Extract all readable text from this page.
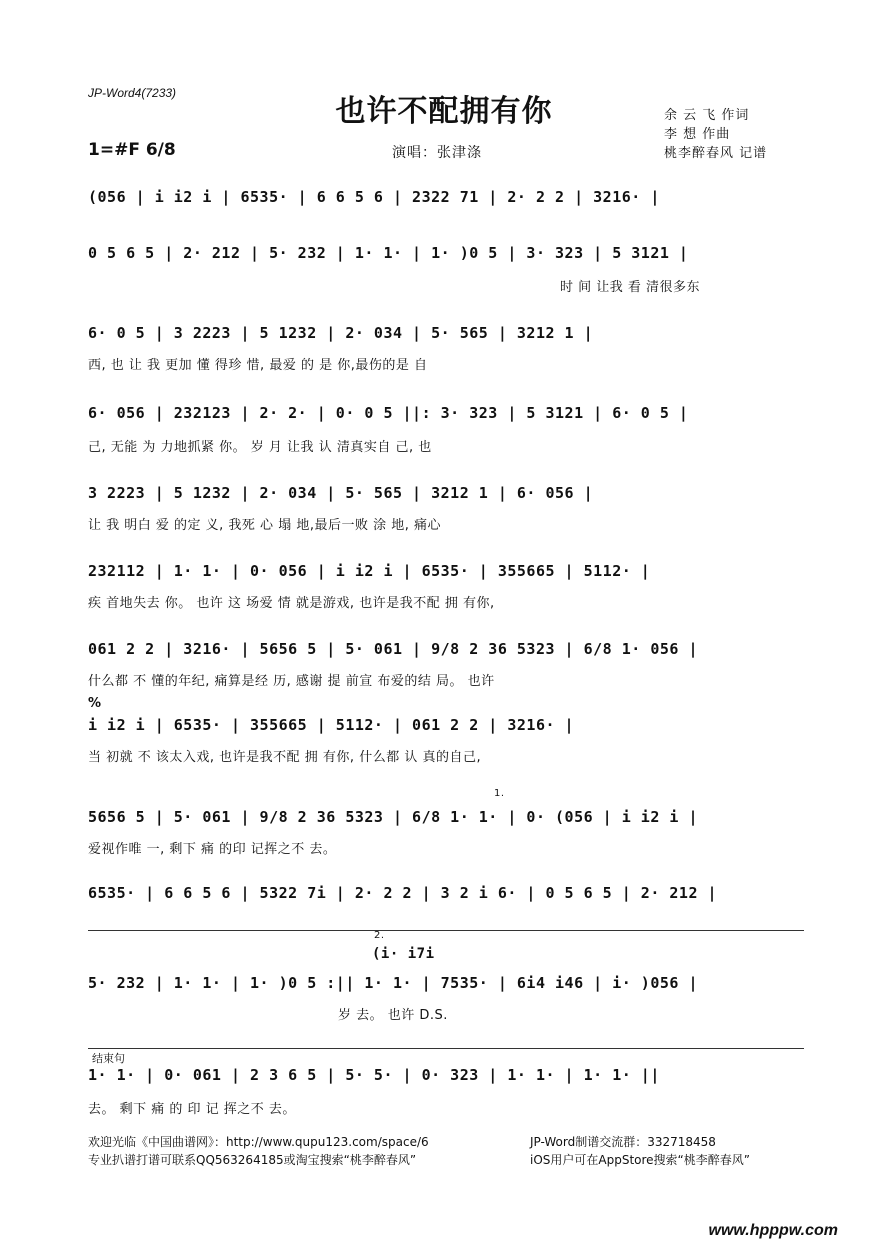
JP-Word4(7233)
也许不配拥有你
1=#F 6/8	演唱：张津涤
余 云 飞 作词
李 想 作曲
桃李醉春风 记谱
(056 | i i2 i | 6535· | 6 6 5 6 | 2322 71 | 2· 2 2 | 3216· |
0 5 6 5 | 2· 212 | 5· 232 | 1· 1· | 1· )0 5 | 3· 323 | 5 3121 |
时 间 让我 看 清很多东
6· 0 5 | 3 2223 | 5 1232 | 2· 034 | 5· 565 | 3212 1 |
西, 也 让 我 更加 懂 得珍 惜, 最爱 的 是 你,最伤的是 自
6· 056 | 232123 | 2· 2· | 0· 0 5 ||: 3· 323 | 5 3121 | 6· 0 5 |
己, 无能 为 力地抓紧 你。 岁 月 让我 认 清真实自 己, 也
3 2223 | 5 1232 | 2· 034 | 5· 565 | 3212 1 | 6· 056 |
让 我 明白 爱 的定 义, 我死 心 塌 地,最后一败 涂 地, 痛心
232112 | 1· 1· | 0· 056 | i i2 i | 6535· | 355665 | 5112· |
疾 首地失去 你。 也许 这 场爱 情 就是游戏, 也许是我不配 拥 有你,
061 2 2 | 3216· | 5656 5 | 5· 061 | 9/8 2 36 5323 | 6/8 1· 056 |
什么都 不 懂的年纪, 痛算是经 历, 感谢 提 前宣 布爱的结 局。 也许
%
i i2 i | 6535· | 355665 | 5112· | 061 2 2 | 3216· |
当 初就 不 该太入戏, 也许是我不配 拥 有你, 什么都 认 真的自己,
1.
5656 5 | 5· 061 | 9/8 2 36 5323 | 6/8 1· 1· | 0· (056 | i i2 i |
爱视作唯 一, 剩下 痛 的印 记挥之不 去。
6535· | 6 6 5 6 | 5322 7i | 2· 2 2 | 3 2 i 6· | 0 5 6 5 | 2· 212 |
2.
(i· i7i
5· 232 | 1· 1· | 1· )0 5 :|| 1· 1· | 7535· | 6i4 i46 | i· )056 |
岁 去。 也许 D.S.
结束句
1· 1· | 0· 061 | 2 3 6 5 | 5· 5· | 0· 323 | 1· 1· | 1· 1· ||
去。 剩下 痛 的 印 记 挥之不 去。
欢迎光临《中国曲谱网》：http://www.qupu123.com/space/6
专业扒谱打谱可联系QQ563264185或淘宝搜索“桃李醉春风”
JP-Word制谱交流群：332718458
iOS用户可在AppStore搜索“桃李醉春风”
www.hpppw.com
